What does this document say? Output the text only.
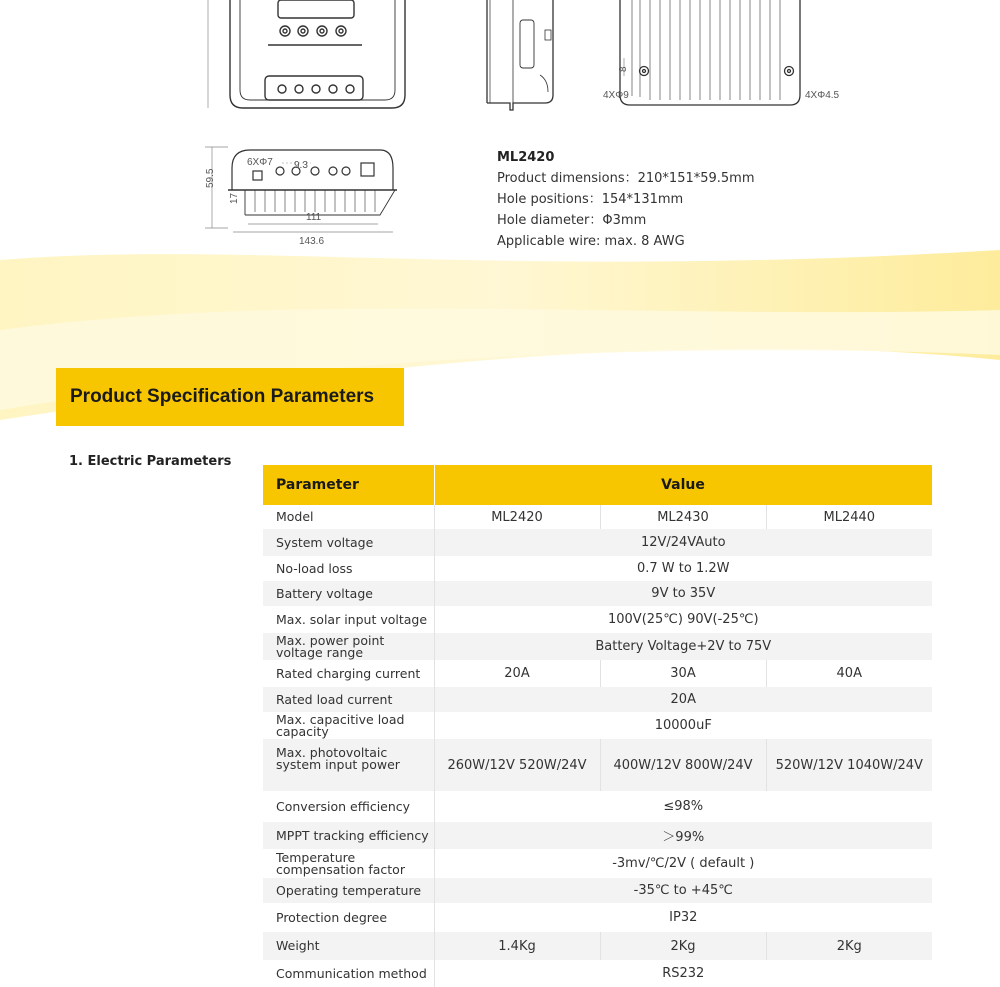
4XΦ9	4XΦ4.5
8
6XΦ7 9.3
59.5
17
111
143.6
ML2420
Product dimensions：210*151*59.5mm
Hole positions：154*131mm
Hole diameter：Φ3mm
Applicable wire: max. 8 AWG
Product Specification Parameters
1. Electric Parameters
Parameter	Value		
Model	ML2420	ML2430	ML2440
System voltage	12V/24VAuto		
No-load loss	0.7 W to 1.2W		
Battery voltage	9V to 35V		
Max. solar input voltage	100V(25℃) 90V(-25℃)		
Max. power point voltage range	Battery Voltage+2V to 75V		
Rated charging current	20A	30A	40A
Rated load current	20A		
Max. capacitive load capacity	10000uF		
Max. photovoltaic system input power	260W/12V 520W/24V	400W/12V 800W/24V	520W/12V 1040W/24V
Conversion efficiency	≤98%		
MPPT tracking efficiency	＞99%		
Temperature compensation factor	-3mv/℃/2V ( default )		
Operating temperature	-35℃ to +45℃		
Protection degree	IP32		
Weight	1.4Kg	2Kg	2Kg
Communication method	RS232		
